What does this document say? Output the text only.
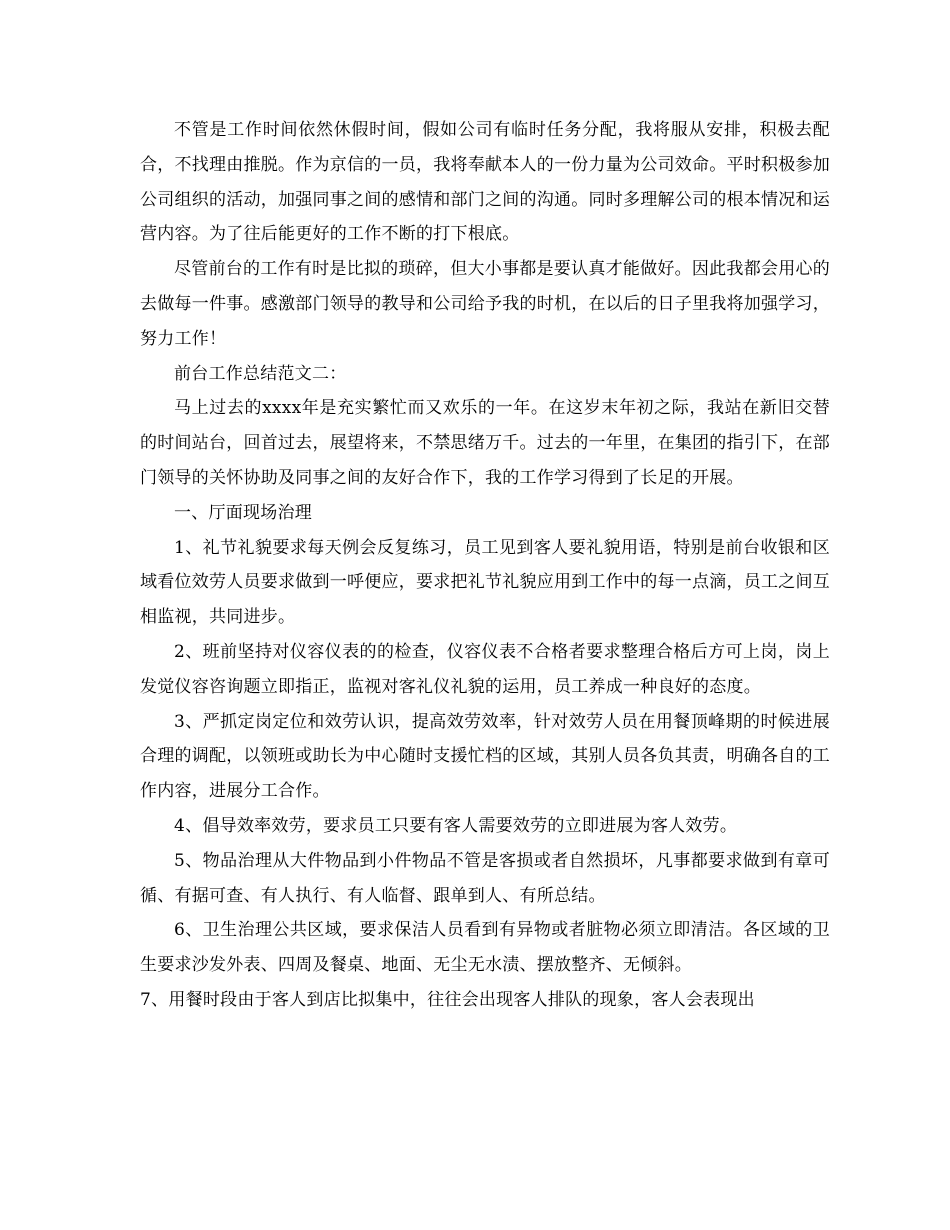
不管是工作时间依然休假时间，假如公司有临时任务分配，我将服从安排，积极去配合，不找理由推脱。作为京信的一员，我将奉献本人的一份力量为公司效命。平时积极参加公司组织的活动，加强同事之间的感情和部门之间的沟通。同时多理解公司的根本情况和运营内容。为了往后能更好的工作不断的打下根底。

尽管前台的工作有时是比拟的琐碎，但大小事都是要认真才能做好。因此我都会用心的去做每一件事。感激部门领导的教导和公司给予我的时机，在以后的日子里我将加强学习，努力工作！

前台工作总结范文二：

马上过去的xxxx年是充实繁忙而又欢乐的一年。在这岁末年初之际，我站在新旧交替的时间站台，回首过去，展望将来，不禁思绪万千。过去的一年里，在集团的指引下，在部门领导的关怀协助及同事之间的友好合作下，我的工作学习得到了长足的开展。

一、厅面现场治理

1、礼节礼貌要求每天例会反复练习，员工见到客人要礼貌用语，特别是前台收银和区域看位效劳人员要求做到一呼便应，要求把礼节礼貌应用到工作中的每一点滴，员工之间互相监视，共同进步。

2、班前坚持对仪容仪表的的检查，仪容仪表不合格者要求整理合格后方可上岗，岗上发觉仪容咨询题立即指正，监视对客礼仪礼貌的运用，员工养成一种良好的态度。

3、严抓定岗定位和效劳认识，提高效劳效率，针对效劳人员在用餐顶峰期的时候进展合理的调配，以领班或助长为中心随时支援忙档的区域，其别人员各负其责，明确各自的工作内容，进展分工合作。

4、倡导效率效劳，要求员工只要有客人需要效劳的立即进展为客人效劳。

5、物品治理从大件物品到小件物品不管是客损或者自然损坏，凡事都要求做到有章可循、有据可查、有人执行、有人临督、跟单到人、有所总结。

6、卫生治理公共区域，要求保洁人员看到有异物或者脏物必须立即清洁。各区域的卫生要求沙发外表、四周及餐桌、地面、无尘无水渍、摆放整齐、无倾斜。

7、用餐时段由于客人到店比拟集中，往往会出现客人排队的现象，客人会表现出
